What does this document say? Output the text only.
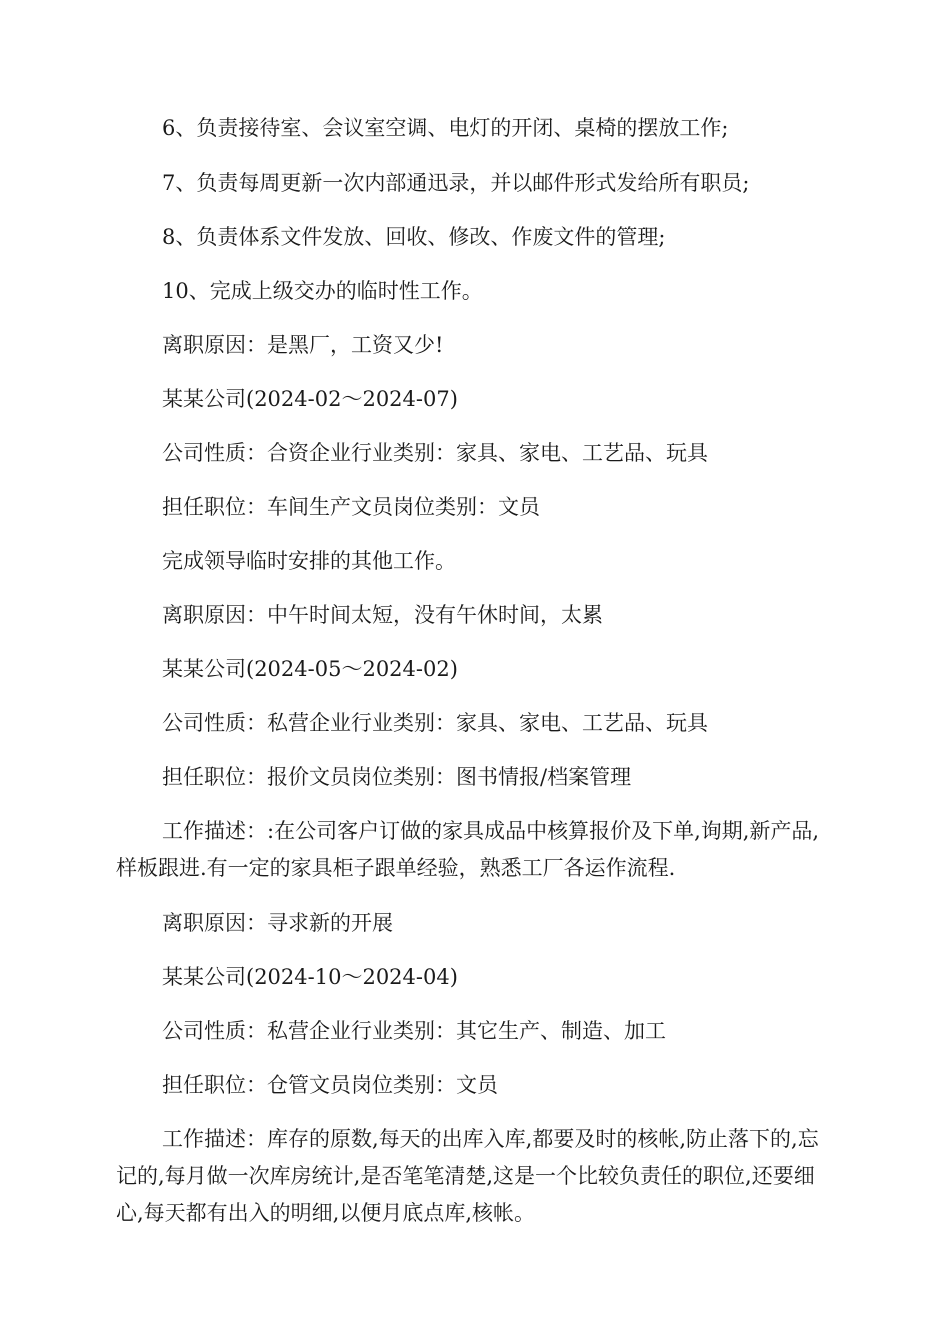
6、负责接待室、会议室空调、电灯的开闭、桌椅的摆放工作;

7、负责每周更新一次内部通迅录，并以邮件形式发给所有职员;

8、负责体系文件发放、回收、修改、作废文件的管理;

10、完成上级交办的临时性工作。

离职原因：是黑厂，工资又少!

某某公司(2024-02～2024-07)

公司性质：合资企业行业类别：家具、家电、工艺品、玩具

担任职位：车间生产文员岗位类别：文员

完成领导临时安排的其他工作。

离职原因：中午时间太短，没有午休时间，太累

某某公司(2024-05～2024-02)

公司性质：私营企业行业类别：家具、家电、工艺品、玩具

担任职位：报价文员岗位类别：图书情报/档案管理

工作描述：:在公司客户订做的家具成品中核算报价及下单,询期,新产品,样板跟进.有一定的家具柜子跟单经验，熟悉工厂各运作流程.

离职原因：寻求新的开展

某某公司(2024-10～2024-04)

公司性质：私营企业行业类别：其它生产、制造、加工

担任职位：仓管文员岗位类别：文员

工作描述：库存的原数,每天的出库入库,都要及时的核帐,防止落下的,忘记的,每月做一次库房统计,是否笔笔清楚,这是一个比较负责任的职位,还要细心,每天都有出入的明细,以便月底点库,核帐。
